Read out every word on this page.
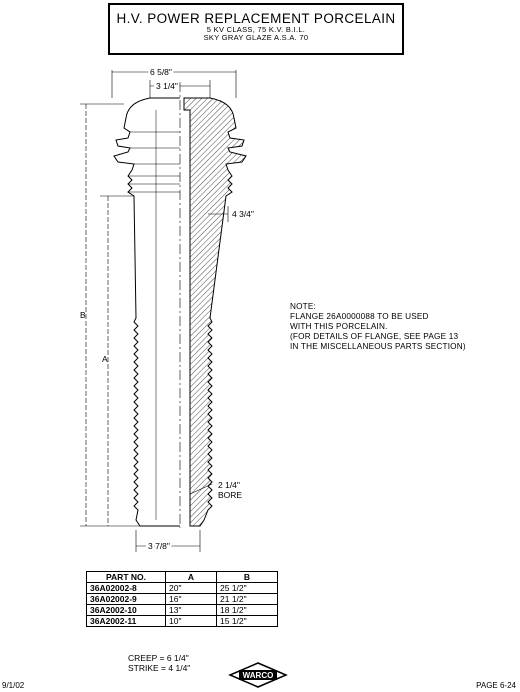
H.V. POWER REPLACEMENT PORCELAIN
5 KV CLASS, 75 K.V. B.I.L.
SKY GRAY GLAZE A.S.A. 70
6 5/8"
3 1/4"
4 3/4"
B
A
2 1/4"
BORE
3 7/8"
NOTE:
FLANGE 26A0000088 TO BE USED
WITH THIS PORCELAIN.
(FOR DETAILS OF FLANGE, SEE PAGE 13
IN THE MISCELLANEOUS PARTS SECTION)
PART NO.	A	B
36A02002-8	20"	25 1/2"
36A02002-9	16"	21 1/2"
36A2002-10	13"	18 1/2"
36A2002-11	10"	15 1/2"
CREEP = 6 1/4"
STRIKE = 4 1/4"
WARCO
9/1/02	PAGE 6-24
